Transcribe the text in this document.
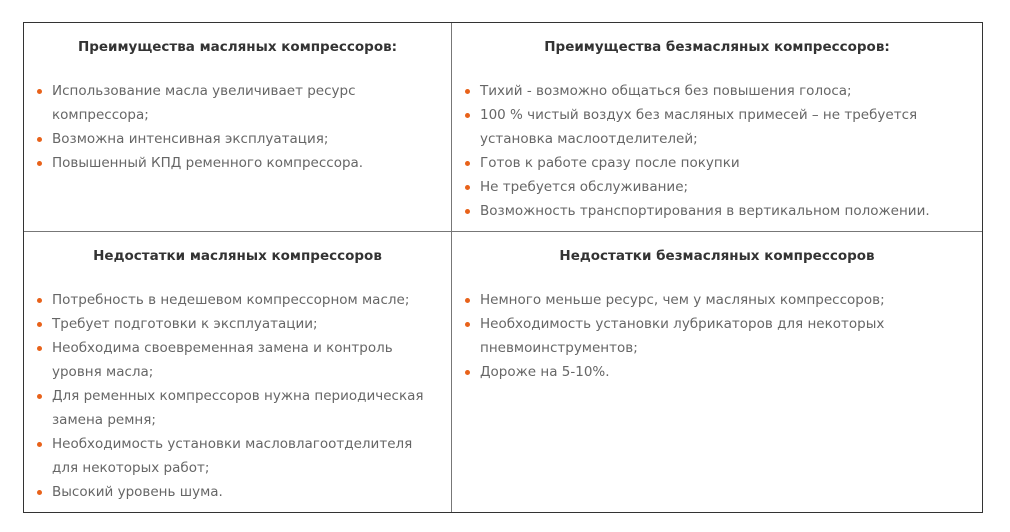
Преимущества масляных компрессоров:
Использование масла увеличивает ресурс компрессора;
Возможна интенсивная эксплуатация;
Повышенный КПД ременного компрессора.
Преимущества безмасляных компрессоров:
Тихий - возможно общаться без повышения голоса;
100 % чистый воздух без масляных примесей – не требуется установка маслоотделителей;
Готов к работе сразу после покупки
Не требуется обслуживание;
Возможность транспортирования в вертикальном положении.
Недостатки масляных компрессоров
Потребность в недешевом компрессорном масле;
Требует подготовки к эксплуатации;
Необходима своевременная замена и контроль уровня масла;
Для ременных компрессоров нужна периодическая замена ремня;
Необходимость установки масловлагоотделителя для некоторых работ;
Высокий уровень шума.
Недостатки безмасляных компрессоров
Немного меньше ресурс, чем у масляных компрессоров;
Необходимость установки лубрикаторов для некоторых пневмоинструментов;
Дороже на 5-10%.
